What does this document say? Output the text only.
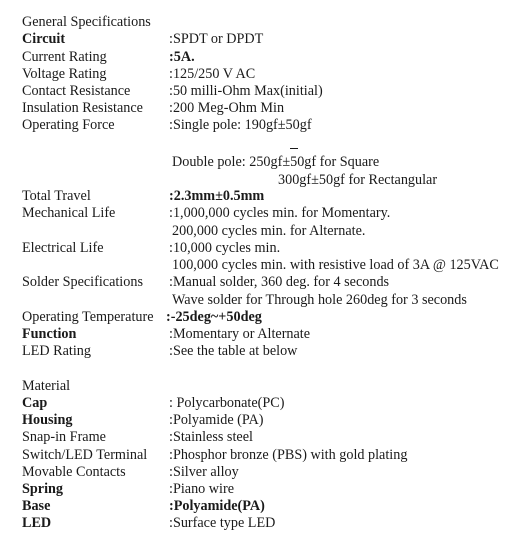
General Specifications
Circuit	:SPDT or DPDT
Current Rating	:5A.
Voltage Rating	:125/250 V AC
Contact Resistance	:50 milli-Ohm Max(initial)
Insulation Resistance :200 Meg-Ohm Min
Operating Force	:Single pole: 190gf±50gf
Double pole: 250gf±50gf for Square
300gf±50gf for Rectangular
Total Travel	:2.3mm±0.5mm
Mechanical Life	:1,000,000 cycles min. for Momentary.
200,000 cycles min. for Alternate.
Electrical Life	:10,000 cycles min.
100,000 cycles min. with resistive load of 3A @ 125VAC
Solder Specifications :Manual solder, 360 deg. for 4 seconds
Wave solder for Through hole 260deg for 3 seconds
Operating Temperature :-25deg~+50deg
Function	:Momentary or Alternate
LED Rating	:See the table at below
Material
Cap	: Polycarbonate(PC)
Housing	:Polyamide (PA)
Snap-in Frame	:Stainless steel
Switch/LED Terminal :Phosphor bronze (PBS) with gold plating
Movable Contacts	:Silver alloy
Spring	:Piano wire
Base	:Polyamide(PA)
LED	:Surface type LED
